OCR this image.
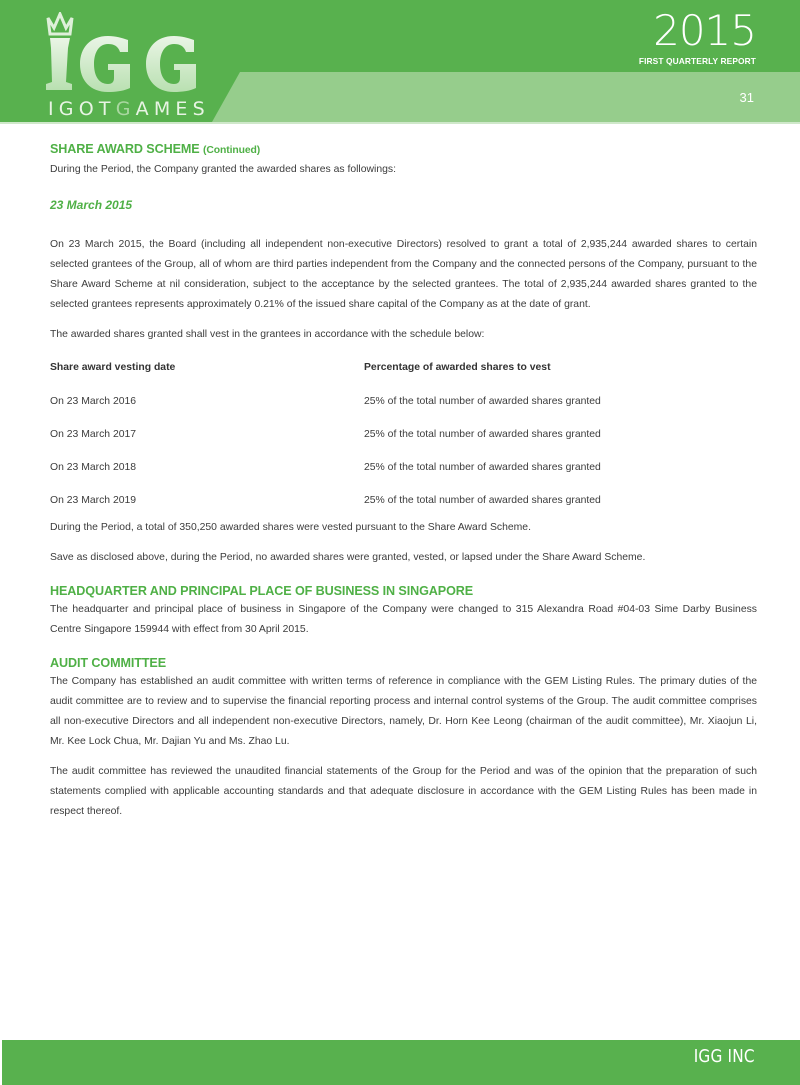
IGOTGAMES
2015
FIRST QUARTERLY REPORT
31
SHARE AWARD SCHEME (Continued)

During the Period, the Company granted the awarded shares as followings:

23 March 2015

On 23 March 2015, the Board (including all independent non-executive Directors) resolved to grant a total of 2,935,244 awarded shares to certain selected grantees of the Group, all of whom are third parties independent from the Company and the connected persons of the Company, pursuant to the Share Award Scheme at nil consideration, subject to the acceptance by the selected grantees. The total of 2,935,244 awarded shares granted to the selected grantees represents approximately 0.21% of the issued share capital of the Company as at the date of grant.

The awarded shares granted shall vest in the grantees in accordance with the schedule below:

Share award vesting date	Percentage of awarded shares to vest
On 23 March 2016	25% of the total number of awarded shares granted
On 23 March 2017	25% of the total number of awarded shares granted
On 23 March 2018	25% of the total number of awarded shares granted
On 23 March 2019	25% of the total number of awarded shares granted

During the Period, a total of 350,250 awarded shares were vested pursuant to the Share Award Scheme.

Save as disclosed above, during the Period, no awarded shares were granted, vested, or lapsed under the Share Award Scheme.

HEADQUARTER AND PRINCIPAL PLACE OF BUSINESS IN SINGAPORE

The headquarter and principal place of business in Singapore of the Company were changed to 315 Alexandra Road #04-03 Sime Darby Business Centre Singapore 159944 with effect from 30 April 2015.

AUDIT COMMITTEE

The Company has established an audit committee with written terms of reference in compliance with the GEM Listing Rules. The primary duties of the audit committee are to review and to supervise the financial reporting process and internal control systems of the Group. The audit committee comprises all non-executive Directors and all independent non-executive Directors, namely, Dr. Horn Kee Leong (chairman of the audit committee), Mr. Xiaojun Li, Mr. Kee Lock Chua, Mr. Dajian Yu and Ms. Zhao Lu.

The audit committee has reviewed the unaudited financial statements of the Group for the Period and was of the opinion that the preparation of such statements complied with applicable accounting standards and that adequate disclosure in accordance with the GEM Listing Rules has been made in respect thereof.

IGG INC
